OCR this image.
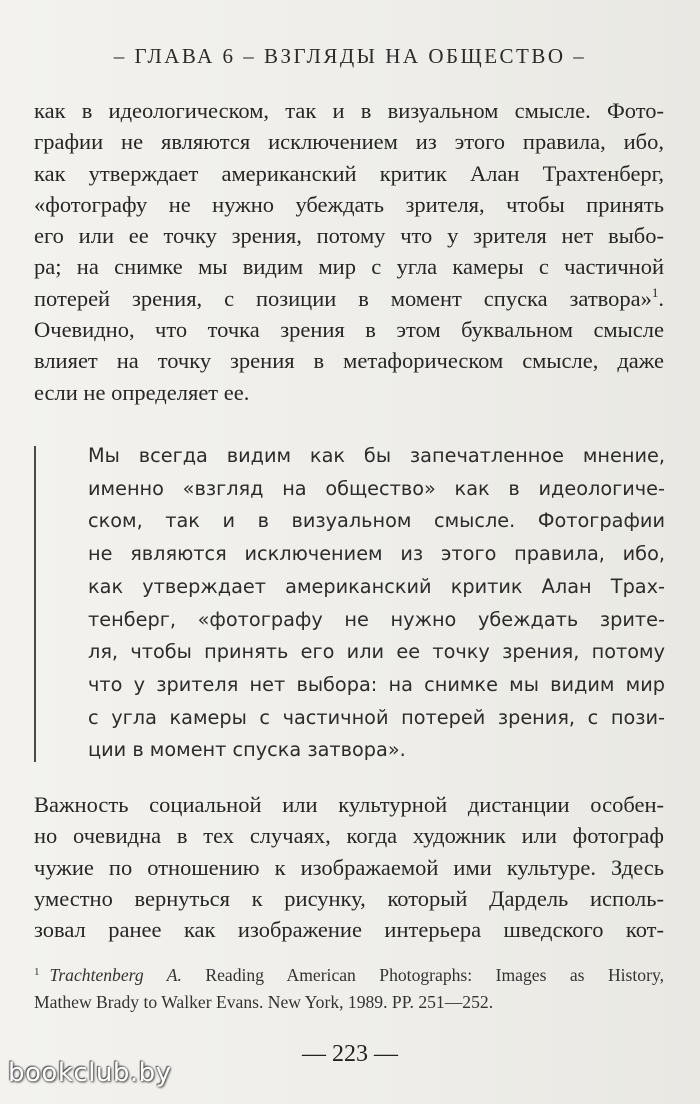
– ГЛАВА 6 – ВЗГЛЯДЫ НА ОБЩЕСТВО –
как в идеологическом, так и в визуальном смысле. Фото-
графии не являются исключением из этого правила, ибо,
как утверждает американский критик Алан Трахтенберг,
«фотографу не нужно убеждать зрителя, чтобы принять
его или ее точку зрения, потому что у зрителя нет выбо-
ра; на снимке мы видим мир с угла камеры с частичной
потерей зрения, с позиции в момент спуска затвора»$^1$.
Очевидно, что точка зрения в этом буквальном смысле
влияет на точку зрения в метафорическом смысле, даже
если не определяет ее.
Мы всегда видим как бы запечатленное мнение,
именно «взгляд на общество» как в идеологиче-
ском, так и в визуальном смысле. Фотографии
не являются исключением из этого правила, ибо,
как утверждает американский критик Алан Трах-
тенберг, «фотографу не нужно убеждать зрите-
ля, чтобы принять его или ее точку зрения, потому
что у зрителя нет выбора: на снимке мы видим мир
с угла камеры с частичной потерей зрения, с пози-
ции в момент спуска затвора».
Важность социальной или культурной дистанции особен-
но очевидна в тех случаях, когда художник или фотограф
чужие по отношению к изображаемой ими культуре. Здесь
уместно вернуться к рисунку, который Дардель исполь-
зовал ранее как изображение интерьера шведского кот-
$^1$ Trachtenberg A. Reading American Photographs: Images as History,
Mathew Brady to Walker Evans. New York, 1989. PP. 251—252.
— 223 —
bookclub.by
